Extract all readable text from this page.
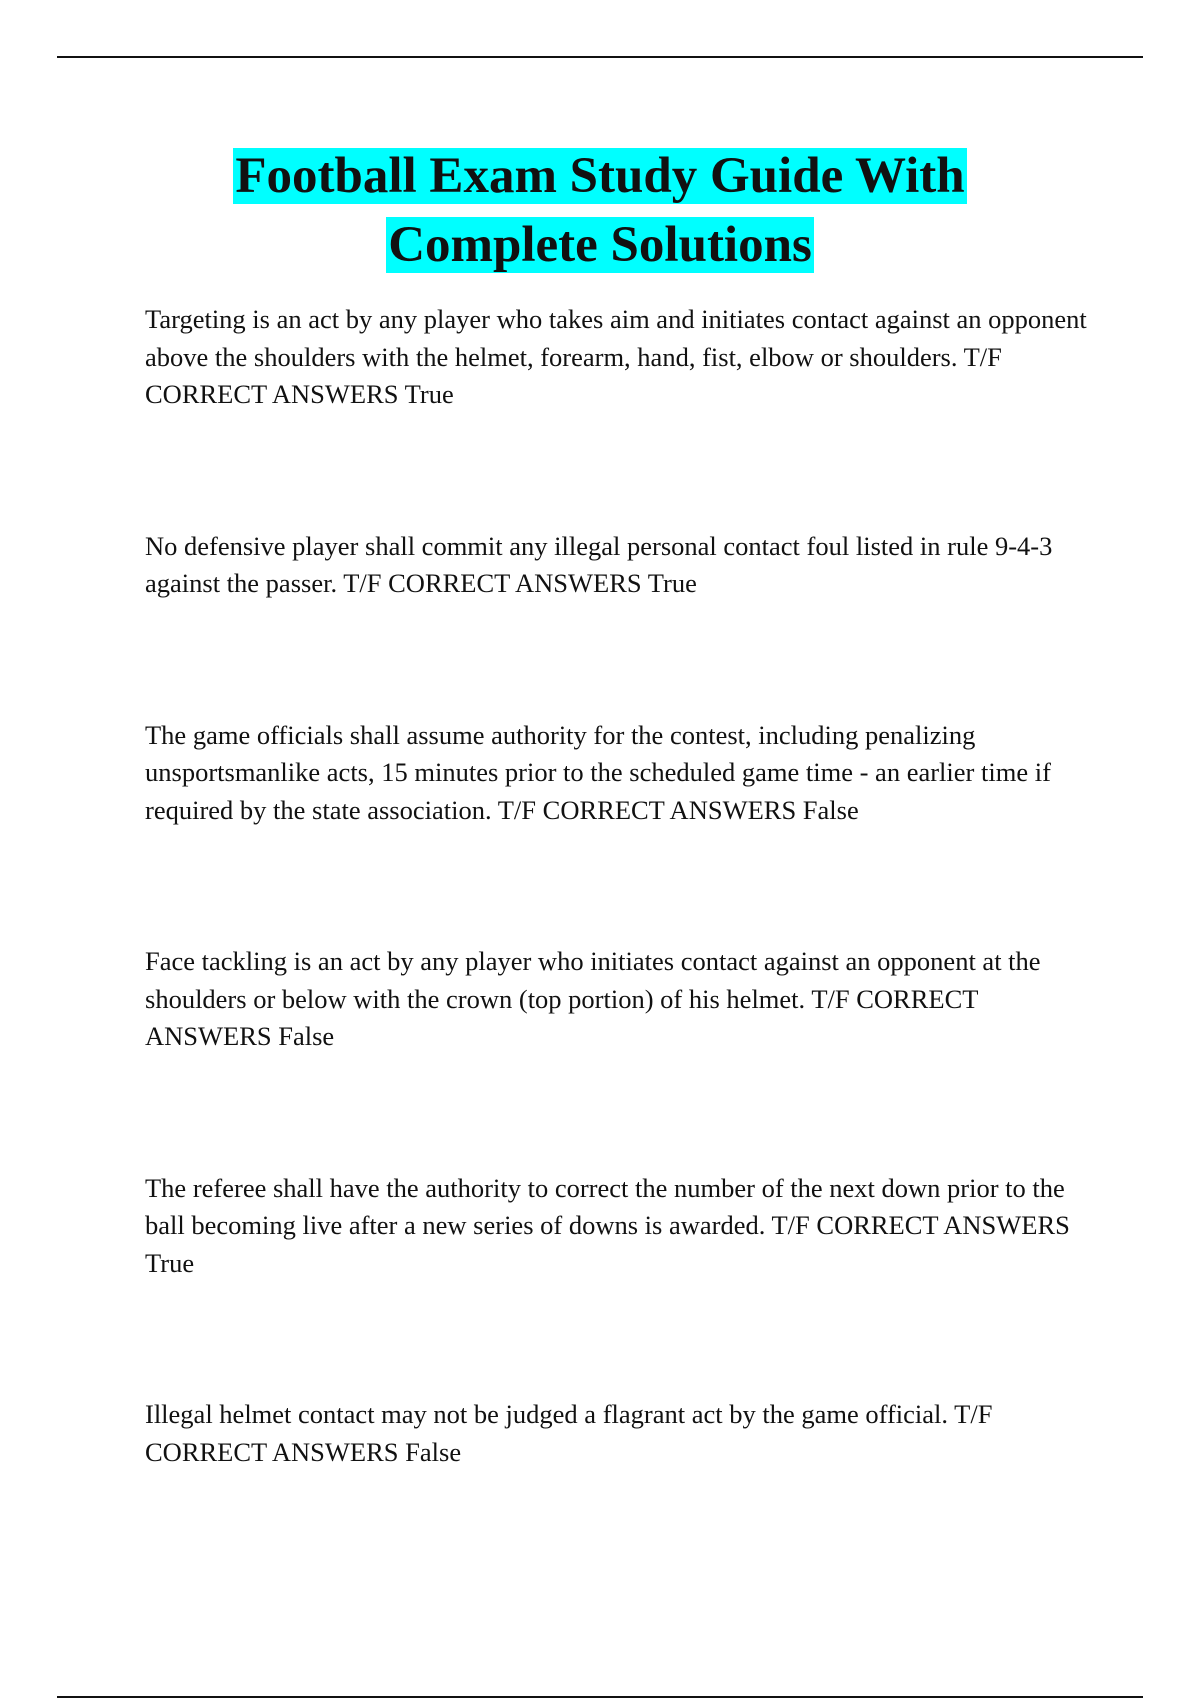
Football Exam Study Guide With
Complete Solutions

Targeting is an act by any player who takes aim and initiates contact against an opponent above the shoulders with the helmet, forearm, hand, fist, elbow or shoulders. T/F CORRECT ANSWERS True

No defensive player shall commit any illegal personal contact foul listed in rule 9-4-3 against the passer. T/F CORRECT ANSWERS True

The game officials shall assume authority for the contest, including penalizing unsportsmanlike acts, 15 minutes prior to the scheduled game time - an earlier time if required by the state association. T/F CORRECT ANSWERS False

Face tackling is an act by any player who initiates contact against an opponent at the shoulders or below with the crown (top portion) of his helmet. T/F CORRECT ANSWERS False

The referee shall have the authority to correct the number of the next down prior to the ball becoming live after a new series of downs is awarded. T/F CORRECT ANSWERS True

Illegal helmet contact may not be judged a flagrant act by the game official. T/F CORRECT ANSWERS False
